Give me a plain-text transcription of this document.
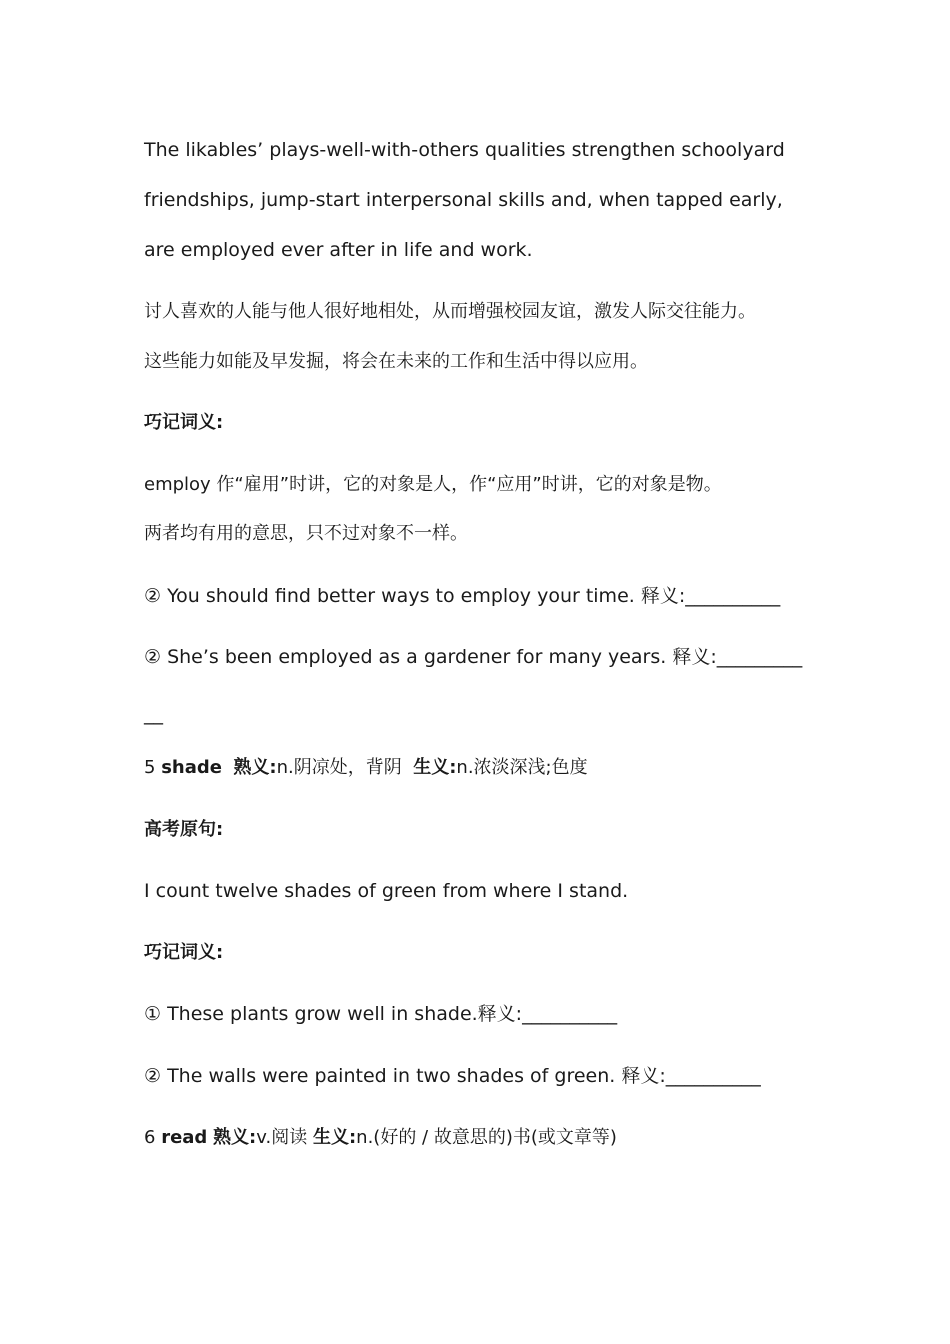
The likables’ plays-well-with-others qualities strengthen schoolyard
friendships, jump-start interpersonal skills and, when tapped early,
are employed ever after in life and work.
讨人喜欢的人能与他人很好地相处，从而增强校园友谊，激发人际交往能力。
这些能力如能及早发掘，将会在未来的工作和生活中得以应用。
巧记词义:
employ 作“雇用”时讲，它的对象是人，作“应用”时讲，它的对象是物。
两者均有用的意思，只不过对象不一样。
② You should find better ways to employ your time. 释义:__________
② She’s been employed as a gardener for many years. 释义:_________
__
5 shade 熟义:n.阴凉处，背阴 生义:n.浓淡深浅;色度
高考原句:
I count twelve shades of green from where I stand.
巧记词义:
① These plants grow well in shade.释义:__________
② The walls were painted in two shades of green. 释义:__________
6 read 熟义:v.阅读 生义:n.(好的 / 故意思的)书(或文章等)
